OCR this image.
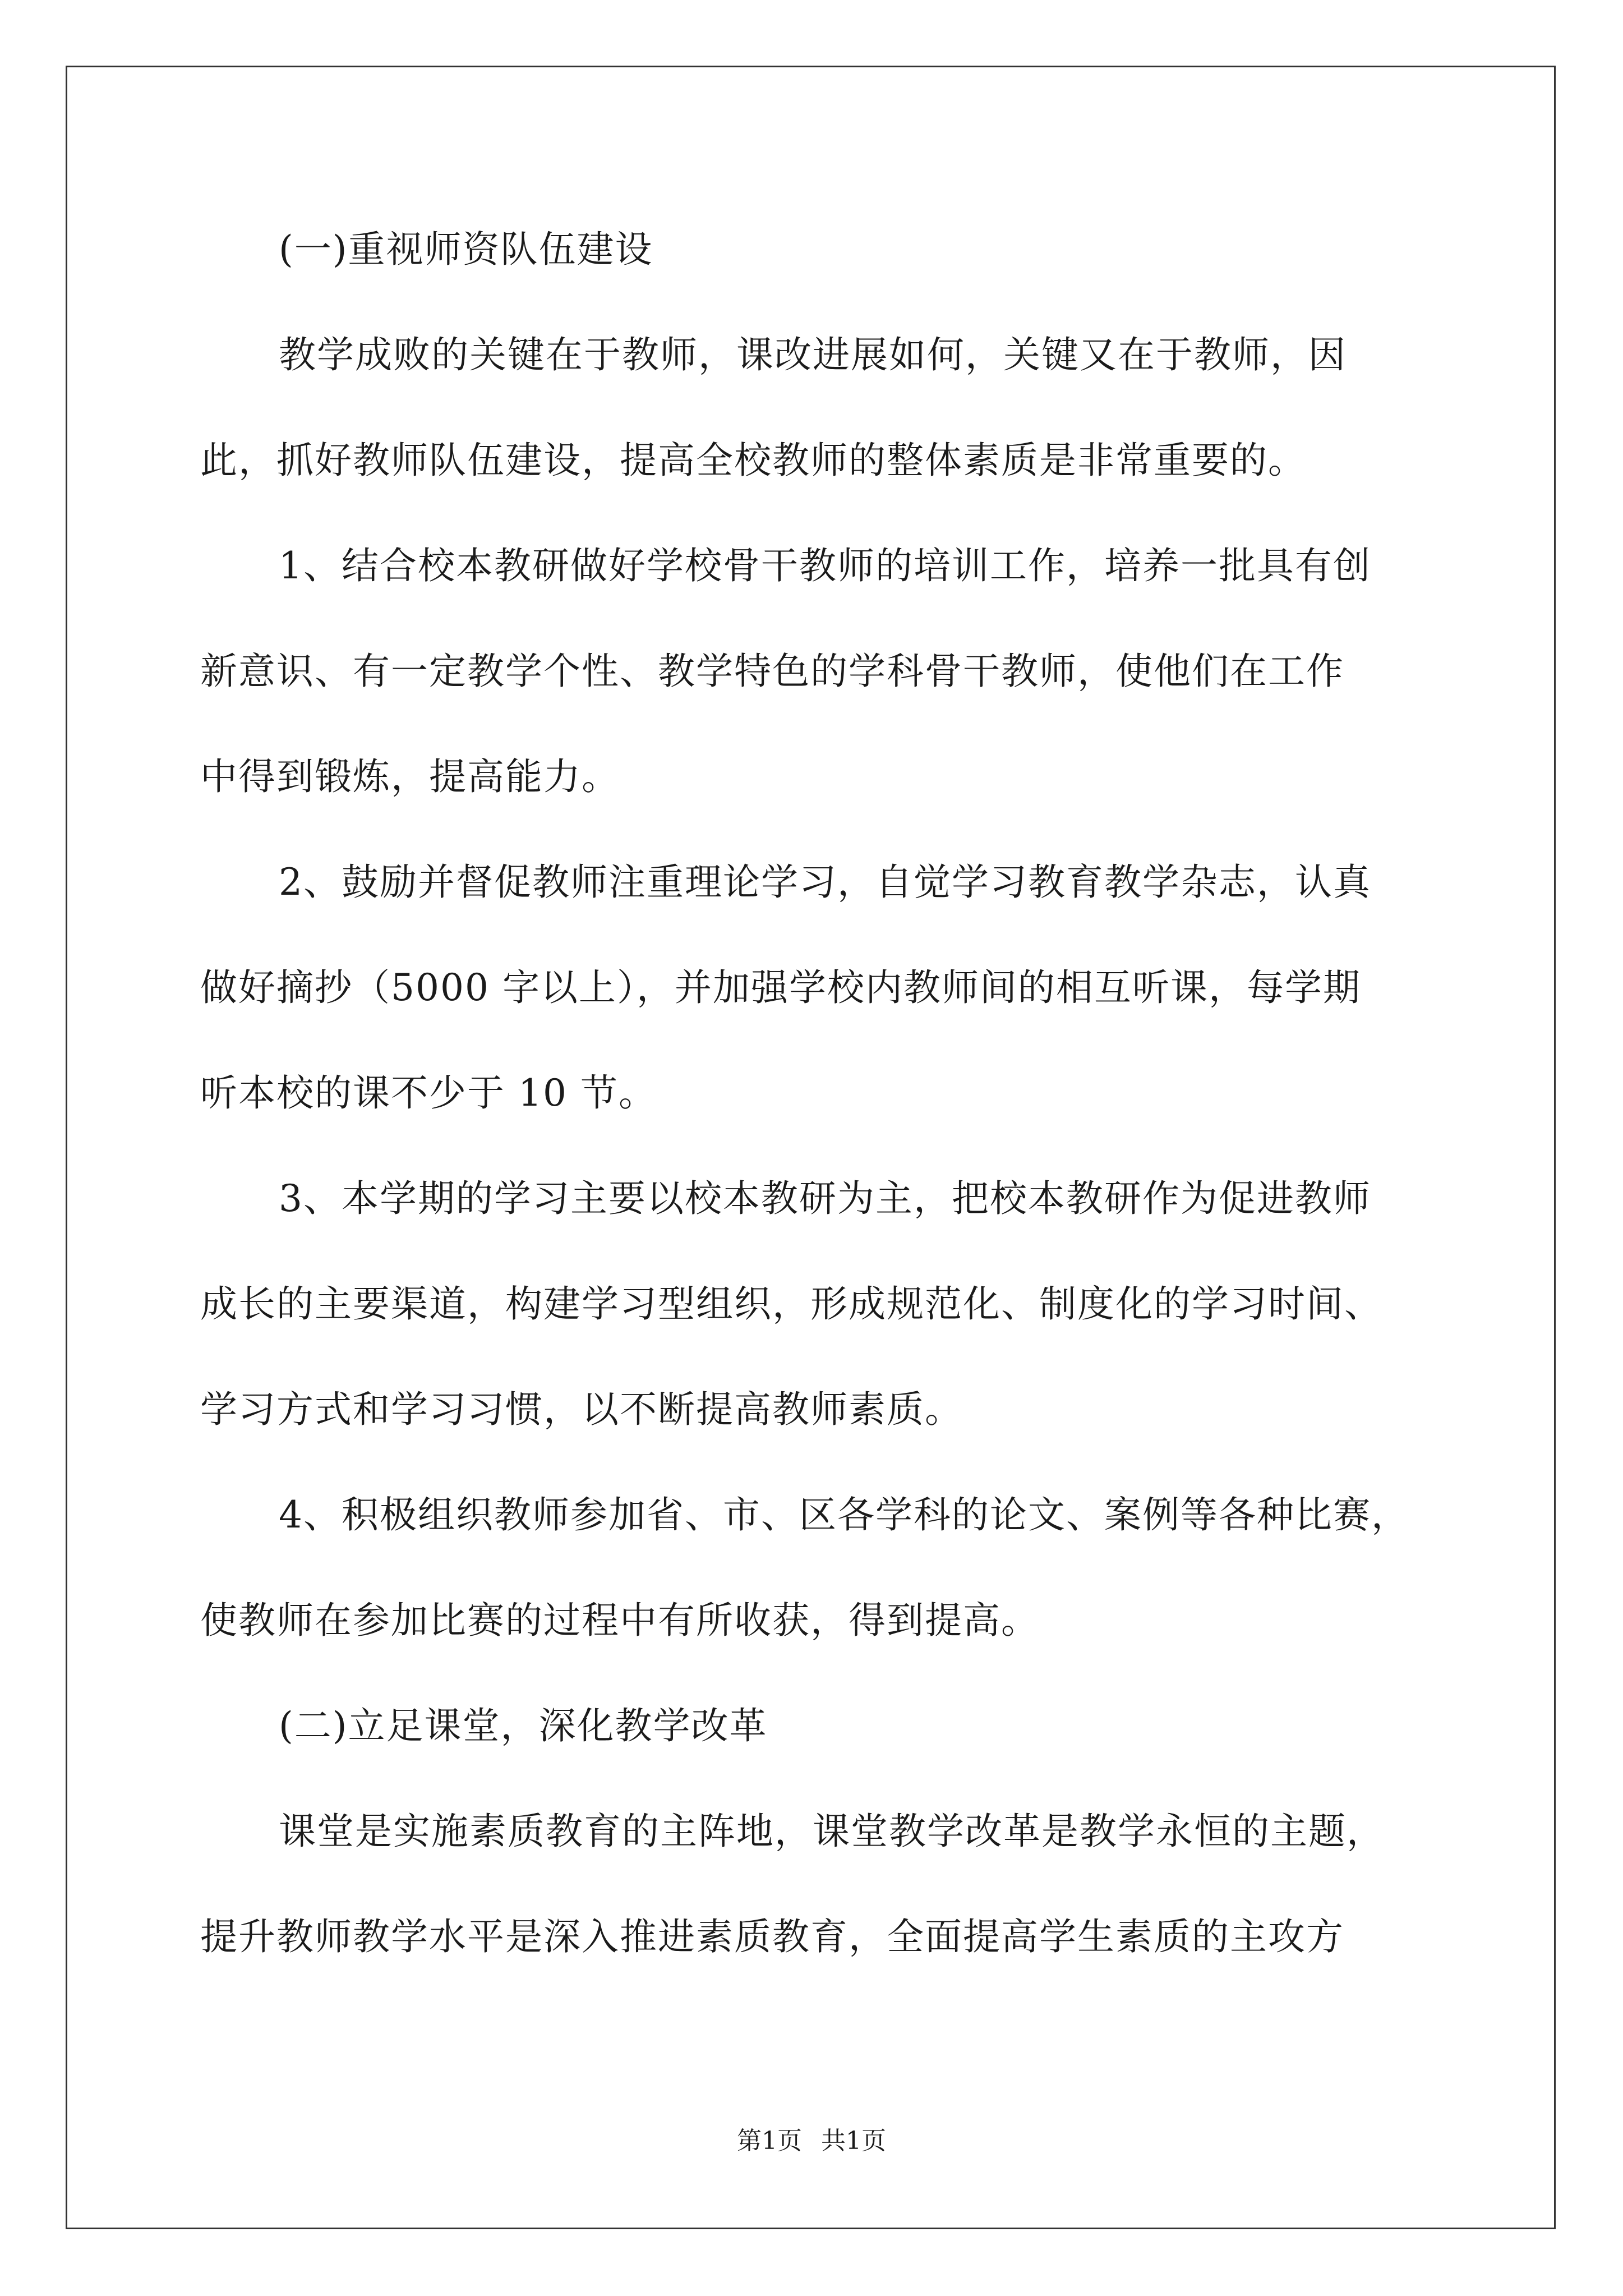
(一)重视师资队伍建设
教学成败的关键在于教师，课改进展如何，关键又在于教师，因
此，抓好教师队伍建设，提高全校教师的整体素质是非常重要的。
1、结合校本教研做好学校骨干教师的培训工作，培养一批具有创
新意识、有一定教学个性、教学特色的学科骨干教师，使他们在工作
中得到锻炼，提高能力。
2、鼓励并督促教师注重理论学习，自觉学习教育教学杂志，认真
做好摘抄（5000 字以上），并加强学校内教师间的相互听课，每学期
听本校的课不少于 10 节。
3、本学期的学习主要以校本教研为主，把校本教研作为促进教师
成长的主要渠道，构建学习型组织，形成规范化、制度化的学习时间、
学习方式和学习习惯，以不断提高教师素质。
4、积极组织教师参加省、市、区各学科的论文、案例等各种比赛，
使教师在参加比赛的过程中有所收获，得到提高。
(二)立足课堂，深化教学改革
课堂是实施素质教育的主阵地，课堂教学改革是教学永恒的主题，
提升教师教学水平是深入推进素质教育，全面提高学生素质的主攻方
第1页 共1页
